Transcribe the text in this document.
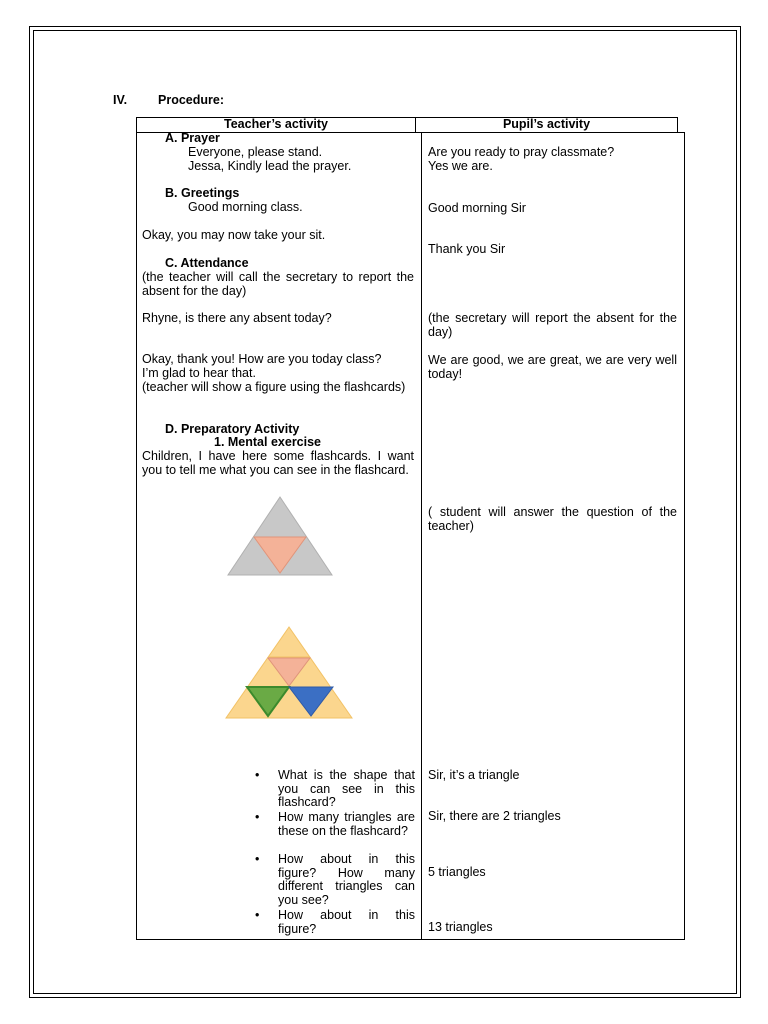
IV. Procedure:
Teacher’s activity	Pupil’s activity
A. Prayer
Everyone, please stand.
Jessa, Kindly lead the prayer.
B. Greetings
Good morning class.
Okay, you may now take your sit.
C. Attendance
(the teacher will call the secretary to report the absent for the day)
Rhyne, is there any absent today?
Okay, thank you! How are you today class?
I’m glad to hear that.
(teacher will show a figure using the flashcards)
D. Preparatory Activity
1. Mental exercise
Children, I have here some flashcards. I want you to tell me what you can see in the flashcard.
• What is the shape that you can see in this flashcard?
• How many triangles are these on the flashcard?
• How about in this figure? How many different triangles can you see?
• How about in this figure?
Are you ready to pray classmate?
Yes we are.
Good morning Sir
Thank you Sir
(the secretary will report the absent for the day)
We are good, we are great, we are very well today!
( student will answer the question of the teacher)
Sir, it’s a triangle
Sir, there are 2 triangles
5 triangles
13 triangles
